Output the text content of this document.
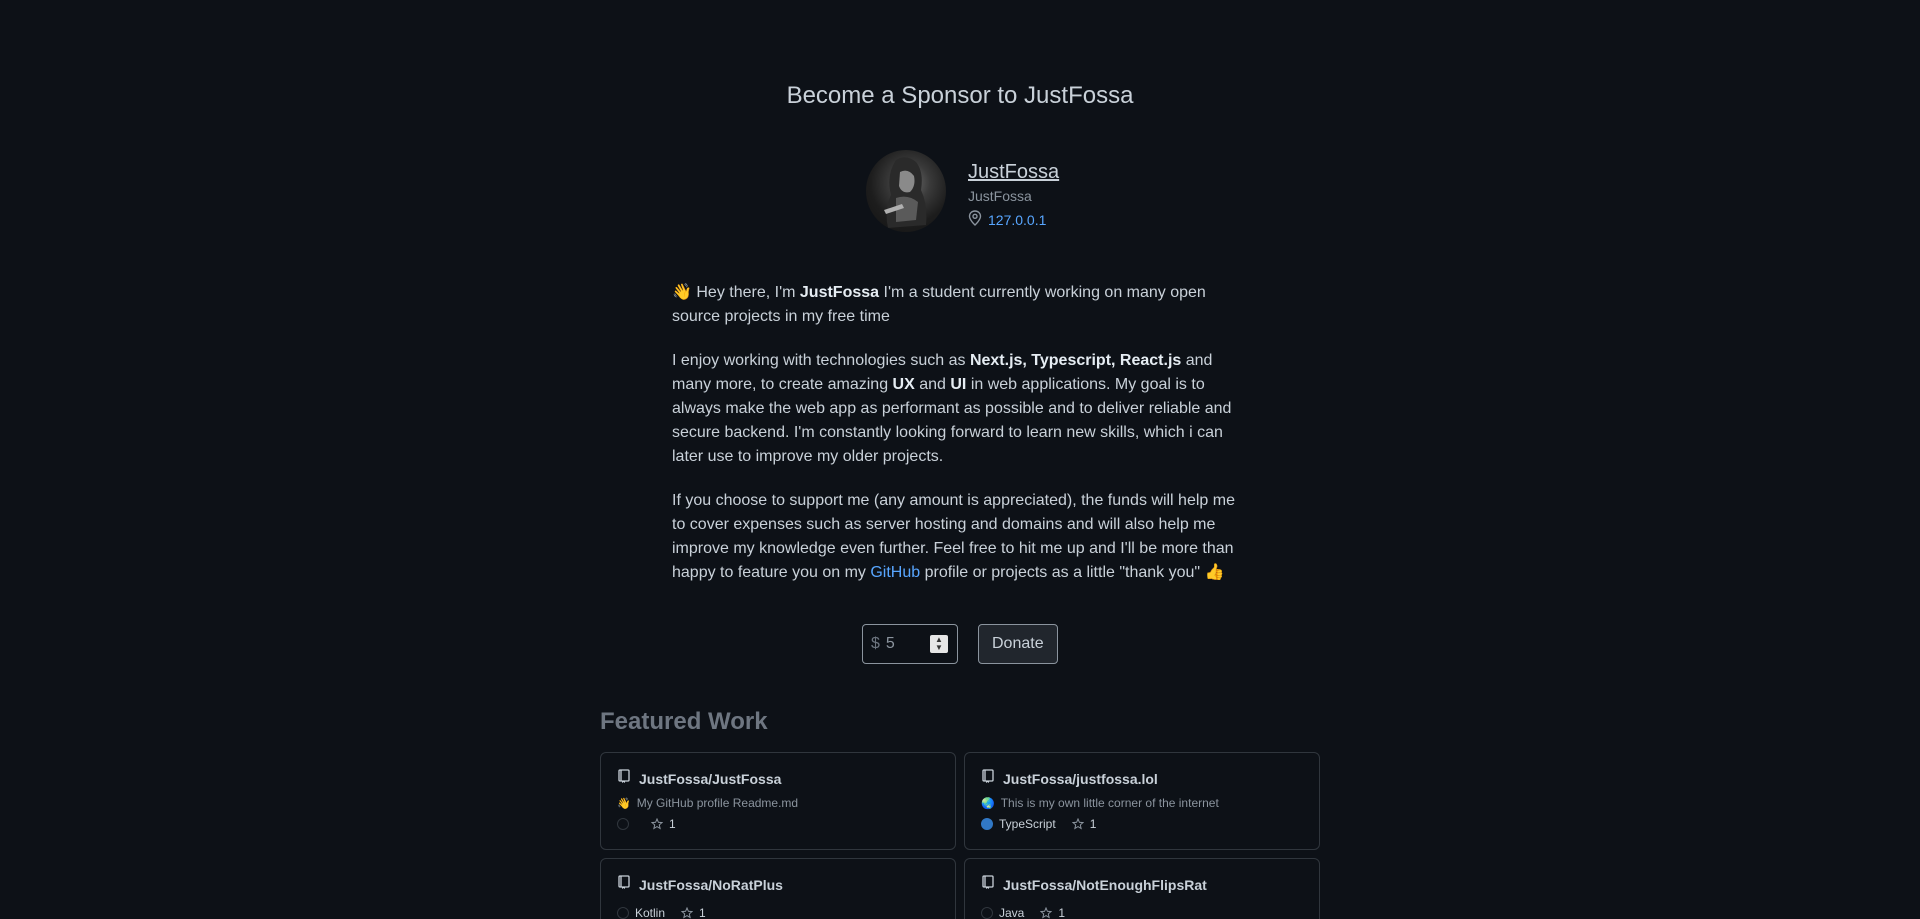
Become a Sponsor to JustFossa
JustFossa
JustFossa
127.0.0.1

👋 Hey there, I'm JustFossa I'm a student currently working on many open source projects in my free time

I enjoy working with technologies such as Next.js, Typescript, React.js and many more, to create amazing UX and UI in web applications. My goal is to always make the web app as performant as possible and to deliver reliable and secure backend. I'm constantly looking forward to learn new skills, which i can later use to improve my older projects.

If you choose to support me (any amount is appreciated), the funds will help me to cover expenses such as server hosting and domains and will also help me improve my knowledge even further. Feel free to hit me up and I'll be more than happy to feature you on my GitHub profile or projects as a little "thank you" 👍

$
5	▲
▼	Donate
Featured Work
JustFossa/JustFossa
👋 My GitHub profile Readme.md
1
JustFossa/justfossa.lol
🌏 This is my own little corner of the internet
TypeScript	1
JustFossa/NoRatPlus
Kotlin	1
JustFossa/NotEnoughFlipsRat
Java	1
